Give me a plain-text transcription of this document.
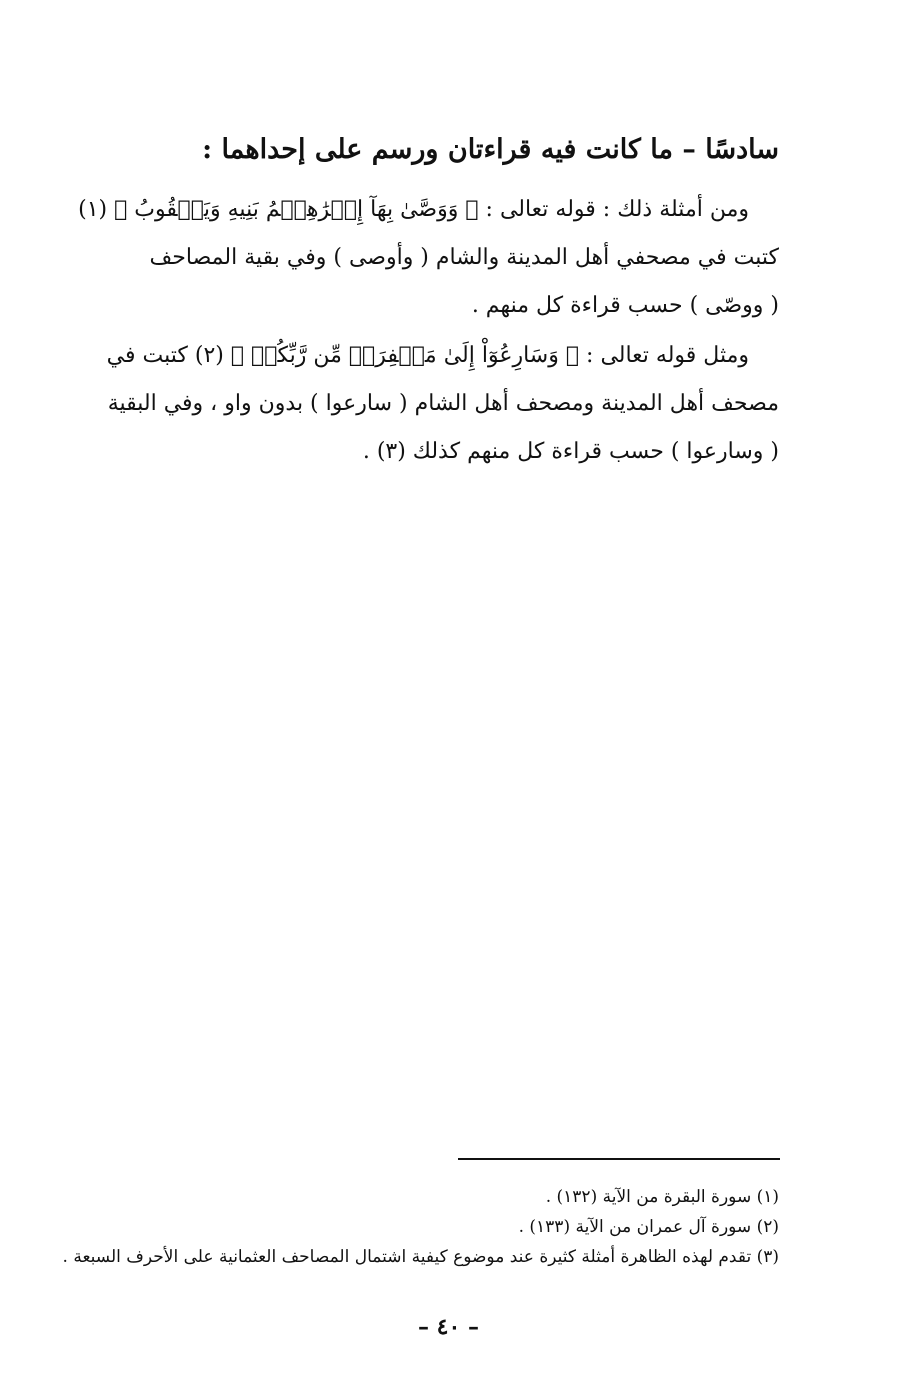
سادسًا – ما كانت فيه قراءتان ورسم على إحداهما :
ومن أمثلة ذلك : قوله تعالى : ﴿ وَوَصَّىٰ بِهَآ إِبۡرَٰهِـۧمُ بَنِيهِ وَيَعۡقُوبُ ﴾ (١)
كتبت في مصحفي أهل المدينة والشام ( وأوصى ) وفي بقية المصاحف
( ووصّى ) حسب قراءة كل منهم .
ومثل قوله تعالى : ﴿ وَسَارِعُوٓاْ إِلَىٰ مَغۡفِرَةٖ مِّن رَّبِّكُمۡ ﴾ (٢) كتبت في
مصحف أهل المدينة ومصحف أهل الشام ( سارعوا ) بدون واو ، وفي البقية
( وسارعوا ) حسب قراءة كل منهم كذلك (٣) .
(١) سورة البقرة من الآية (١٣٢) .
(٢) سورة آل عمران من الآية (١٣٣) .
(٣) تقدم لهذه الظاهرة أمثلة كثيرة عند موضوع كيفية اشتمال المصاحف العثمانية على الأحرف السبعة .
– ٤٠ –
